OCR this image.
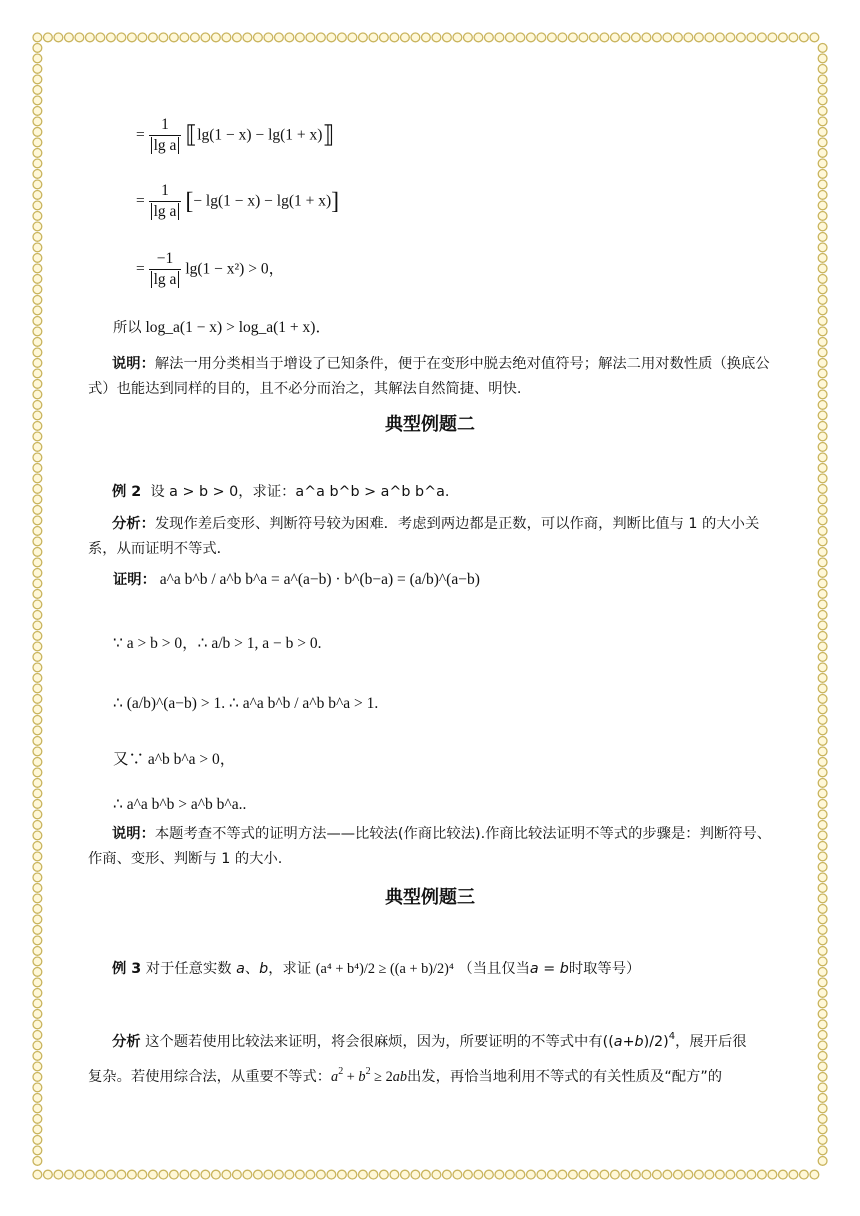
= $\frac{1}{\text{lg a}}$ ⟦lg(1 − x) − lg(1 + x)⟧
= $\frac{1}{\text{lg a}}$ [− lg(1 − x) − lg(1 + x)]
= $\frac{-1}{\text{lg a}} \lg(1 - x^2) > 0$，
所以 log_a(1 − x) > log_a(1 + x)．
说明：解法一用分类相当于增设了已知条件，便于在变形中脱去绝对值符号；解法二用对数性质（换底公式）也能达到同样的目的，且不必分而治之，其解法自然简捷、明快.
典型例题二
例 2 设 a > b > 0，求证：a^a b^b > a^b b^a.
分析：发现作差后变形、判断符号较为困难．考虑到两边都是正数，可以作商，判断比值与 1 的大小关系，从而证明不等式．
证明： a^a b^b / a^b b^a = a^(a−b) · b^(b−a) = (a/b)^(a−b)
∵ a > b > 0，∴ a/b > 1, a − b > 0.
∴ (a/b)^(a−b) > 1. ∴ a^a b^b / a^b b^a > 1.
又∵ a^b b^a > 0，
∴ a^a b^b > a^b b^a..
说明：本题考查不等式的证明方法——比较法(作商比较法).作商比较法证明不等式的步骤是：判断符号、作商、变形、判断与 1 的大小.
典型例题三
例 3 对于任意实数 a、b，求证 (a⁴ + b⁴)/2 ≥ ((a + b)/2)⁴ （当且仅当a = b时取等号）
分析 这个题若使用比较法来证明，将会很麻烦，因为，所要证明的不等式中有$((a+b)/2)^4$，展开后很
复杂。若使用综合法，从重要不等式：$a^2 + b^2 \ge 2ab$出发，再恰当地利用不等式的有关性质及“配方”的
